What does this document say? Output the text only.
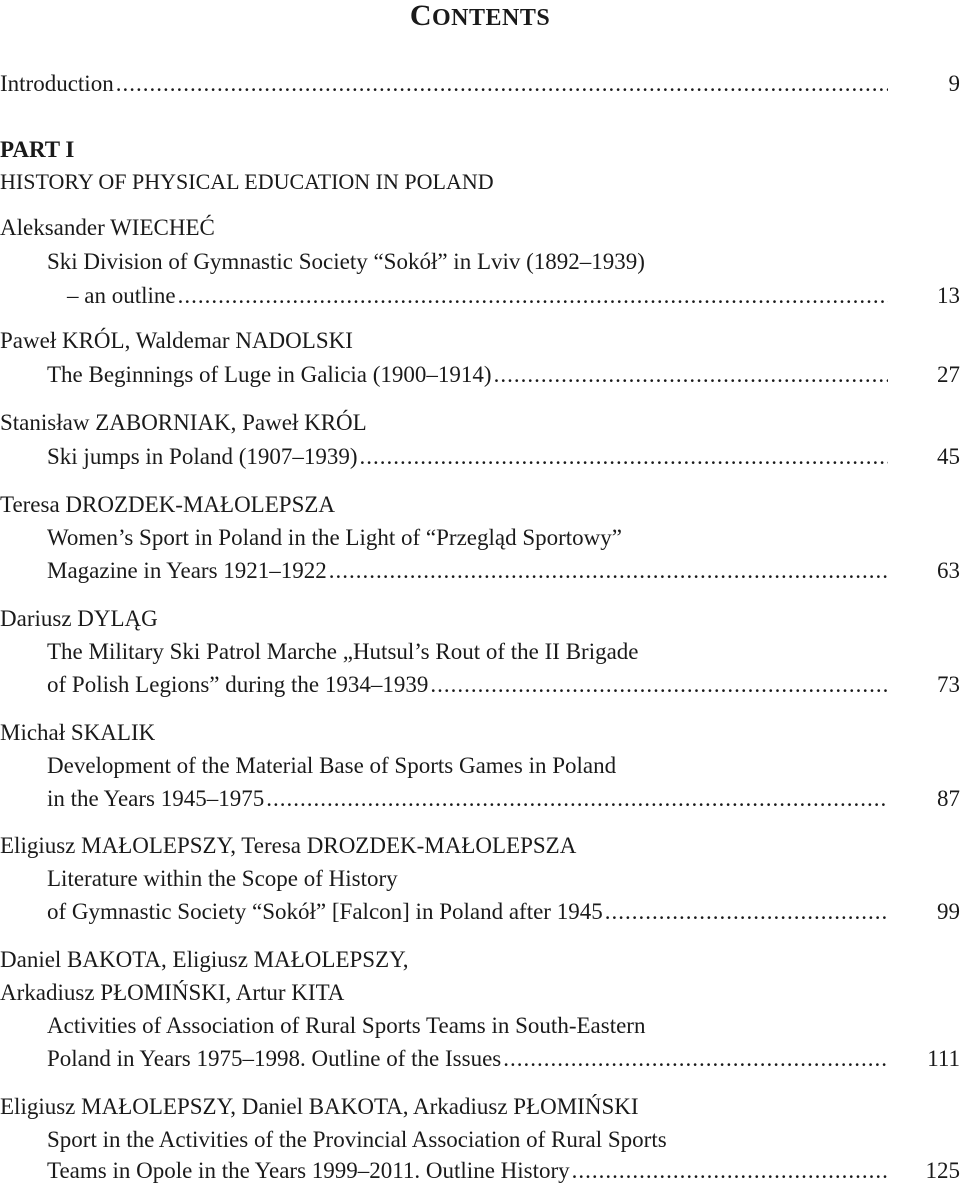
CONTENTS
Introduction .....	9
PART I
HISTORY OF PHYSICAL EDUCATION IN POLAND
Aleksander WIECHEĆ
Ski Division of Gymnastic Society “Sokół” in Lviv (1892–1939)
– an outline .....	13
Paweł KRÓL, Waldemar NADOLSKI
The Beginnings of Luge in Galicia (1900–1914) .....	27
Stanisław ZABORNIAK, Paweł KRÓL
Ski jumps in Poland (1907–1939) .....	45
Teresa DROZDEK-MAŁOLEPSZA
Women’s Sport in Poland in the Light of “Przegląd Sportowy”
Magazine in Years 1921–1922 .....	63
Dariusz DYLĄG
The Military Ski Patrol Marche „Hutsul’s Rout of the II Brigade
of Polish Legions” during the 1934–1939 .....	73
Michał SKALIK
Development of the Material Base of Sports Games in Poland
in the Years 1945–1975 .....	87
Eligiusz MAŁOLEPSZY, Teresa DROZDEK-MAŁOLEPSZA
Literature within the Scope of History
of Gymnastic Society “Sokół” [Falcon] in Poland after 1945 .....	99
Daniel BAKOTA, Eligiusz MAŁOLEPSZY,
Arkadiusz PŁOMIŃSKI, Artur KITA
Activities of Association of Rural Sports Teams in South-Eastern
Poland in Years 1975–1998. Outline of the Issues .....	111
Eligiusz MAŁOLEPSZY, Daniel BAKOTA, Arkadiusz PŁOMIŃSKI
Sport in the Activities of the Provincial Association of Rural Sports
Teams in Opole in the Years 1999–2011. Outline History .....	125
